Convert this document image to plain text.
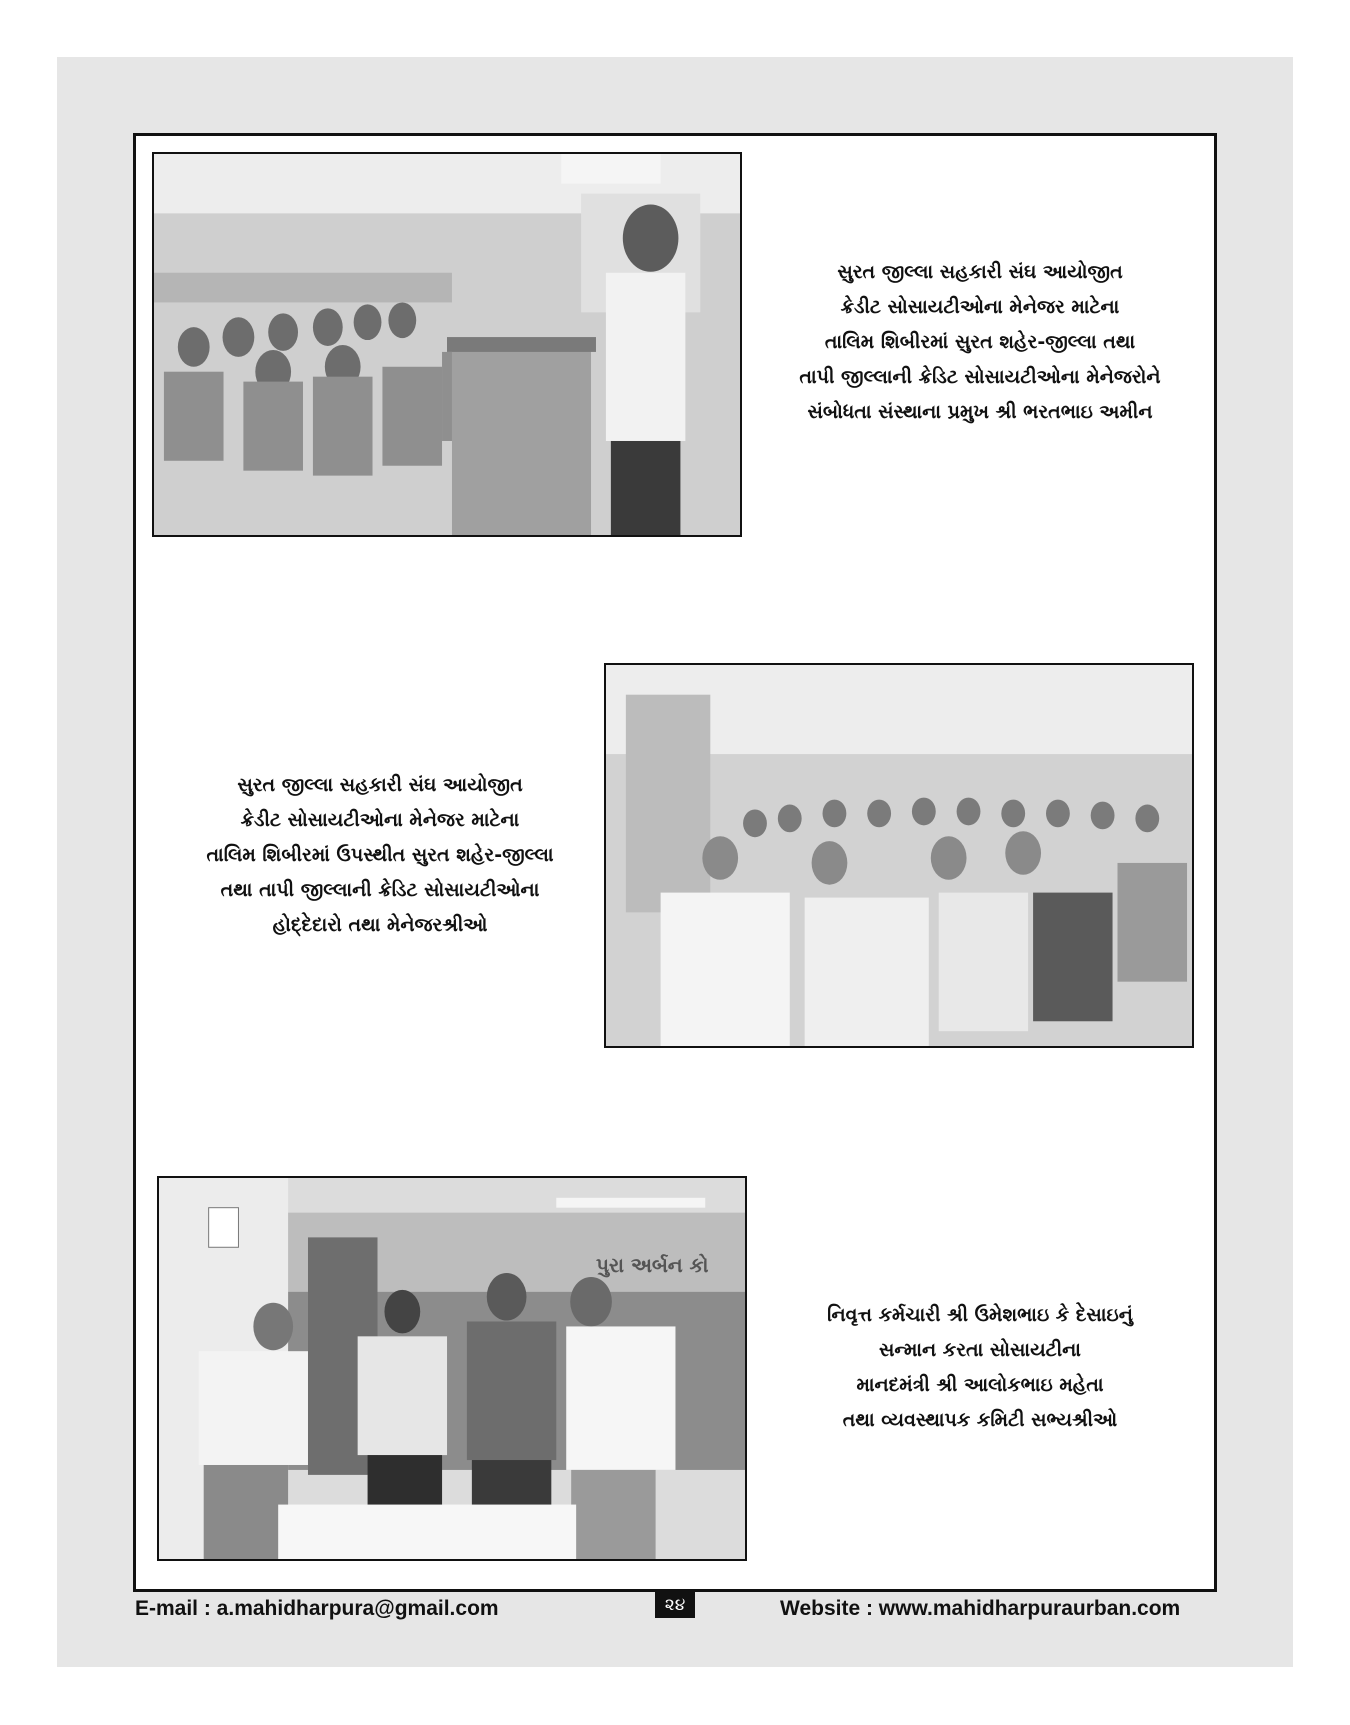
સુરત જીલ્લા સહકારી સંઘ આયોજીત
ક્રેડીટ સોસાયટીઓના મેનેજર માટેના
તાલિમ શિબીરમાં સુરત શહેર-જીલ્લા તથા
તાપી જીલ્લાની ક્રેડિટ સોસાયટીઓના મેનેજરોને
સંબોધતા સંસ્થાના પ્રમુખ શ્રી ભરતભાઇ અમીન
સુરત જીલ્લા સહકારી સંઘ આયોજીત
ક્રેડીટ સોસાયટીઓના મેનેજર માટેના
તાલિમ શિબીરમાં ઉપસ્થીત સુરત શહેર-જીલ્લા
તથા તાપી જીલ્લાની ક્રેડિટ સોસાયટીઓના
હોદ્દેદારો તથા મેનેજરશ્રીઓ
પુરા અર્બન કો
નિવૃત્ત કર્મચારી શ્રી ઉમેશભાઇ કે દેસાઇનું
સન્માન કરતા સોસાયટીના
માનદમંત્રી શ્રી આલોકભાઇ મહેતા
તથા વ્યવસ્થાપક કમિટી સભ્યશ્રીઓ
E-mail : a.mahidharpura@gmail.com	૨૪	Website : www.mahidharpuraurban.com
